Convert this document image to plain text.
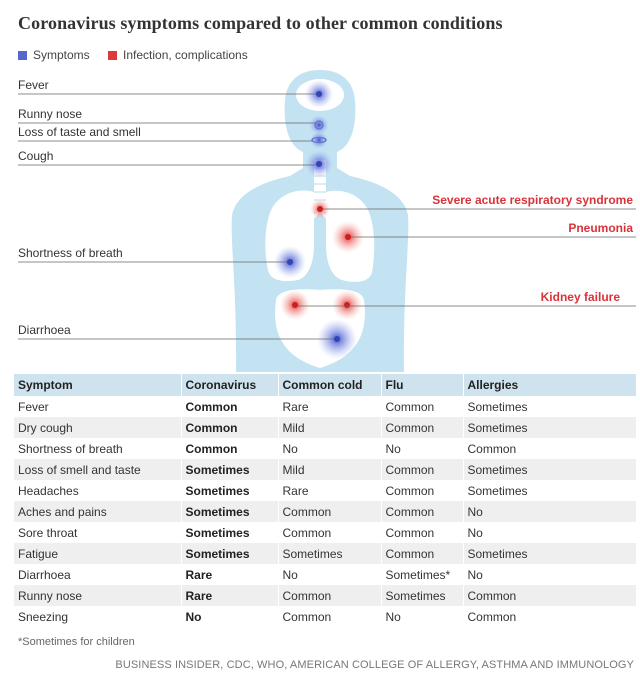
Coronavirus symptoms compared to other common conditions
Symptoms	Infection, complications
Fever
Runny nose
Loss of taste and smell
Cough
Shortness of breath
Diarrhoea
Severe acute respiratory syndrome
Pneumonia
Kidney failure
Symptom	Coronavirus	Common cold	Flu	Allergies
Fever	Common	Rare	Common	Sometimes
Dry cough	Common	Mild	Common	Sometimes
Shortness of breath	Common	No	No	Common
Loss of smell and taste	Sometimes	Mild	Common	Sometimes
Headaches	Sometimes	Rare	Common	Sometimes
Aches and pains	Sometimes	Common	Common	No
Sore throat	Sometimes	Common	Common	No
Fatigue	Sometimes	Sometimes	Common	Sometimes
Diarrhoea	Rare	No	Sometimes*	No
Runny nose	Rare	Common	Sometimes	Common
Sneezing	No	Common	No	Common
*Sometimes for children
BUSINESS INSIDER, CDC, WHO, AMERICAN COLLEGE OF ALLERGY, ASTHMA AND IMMUNOLOGY
